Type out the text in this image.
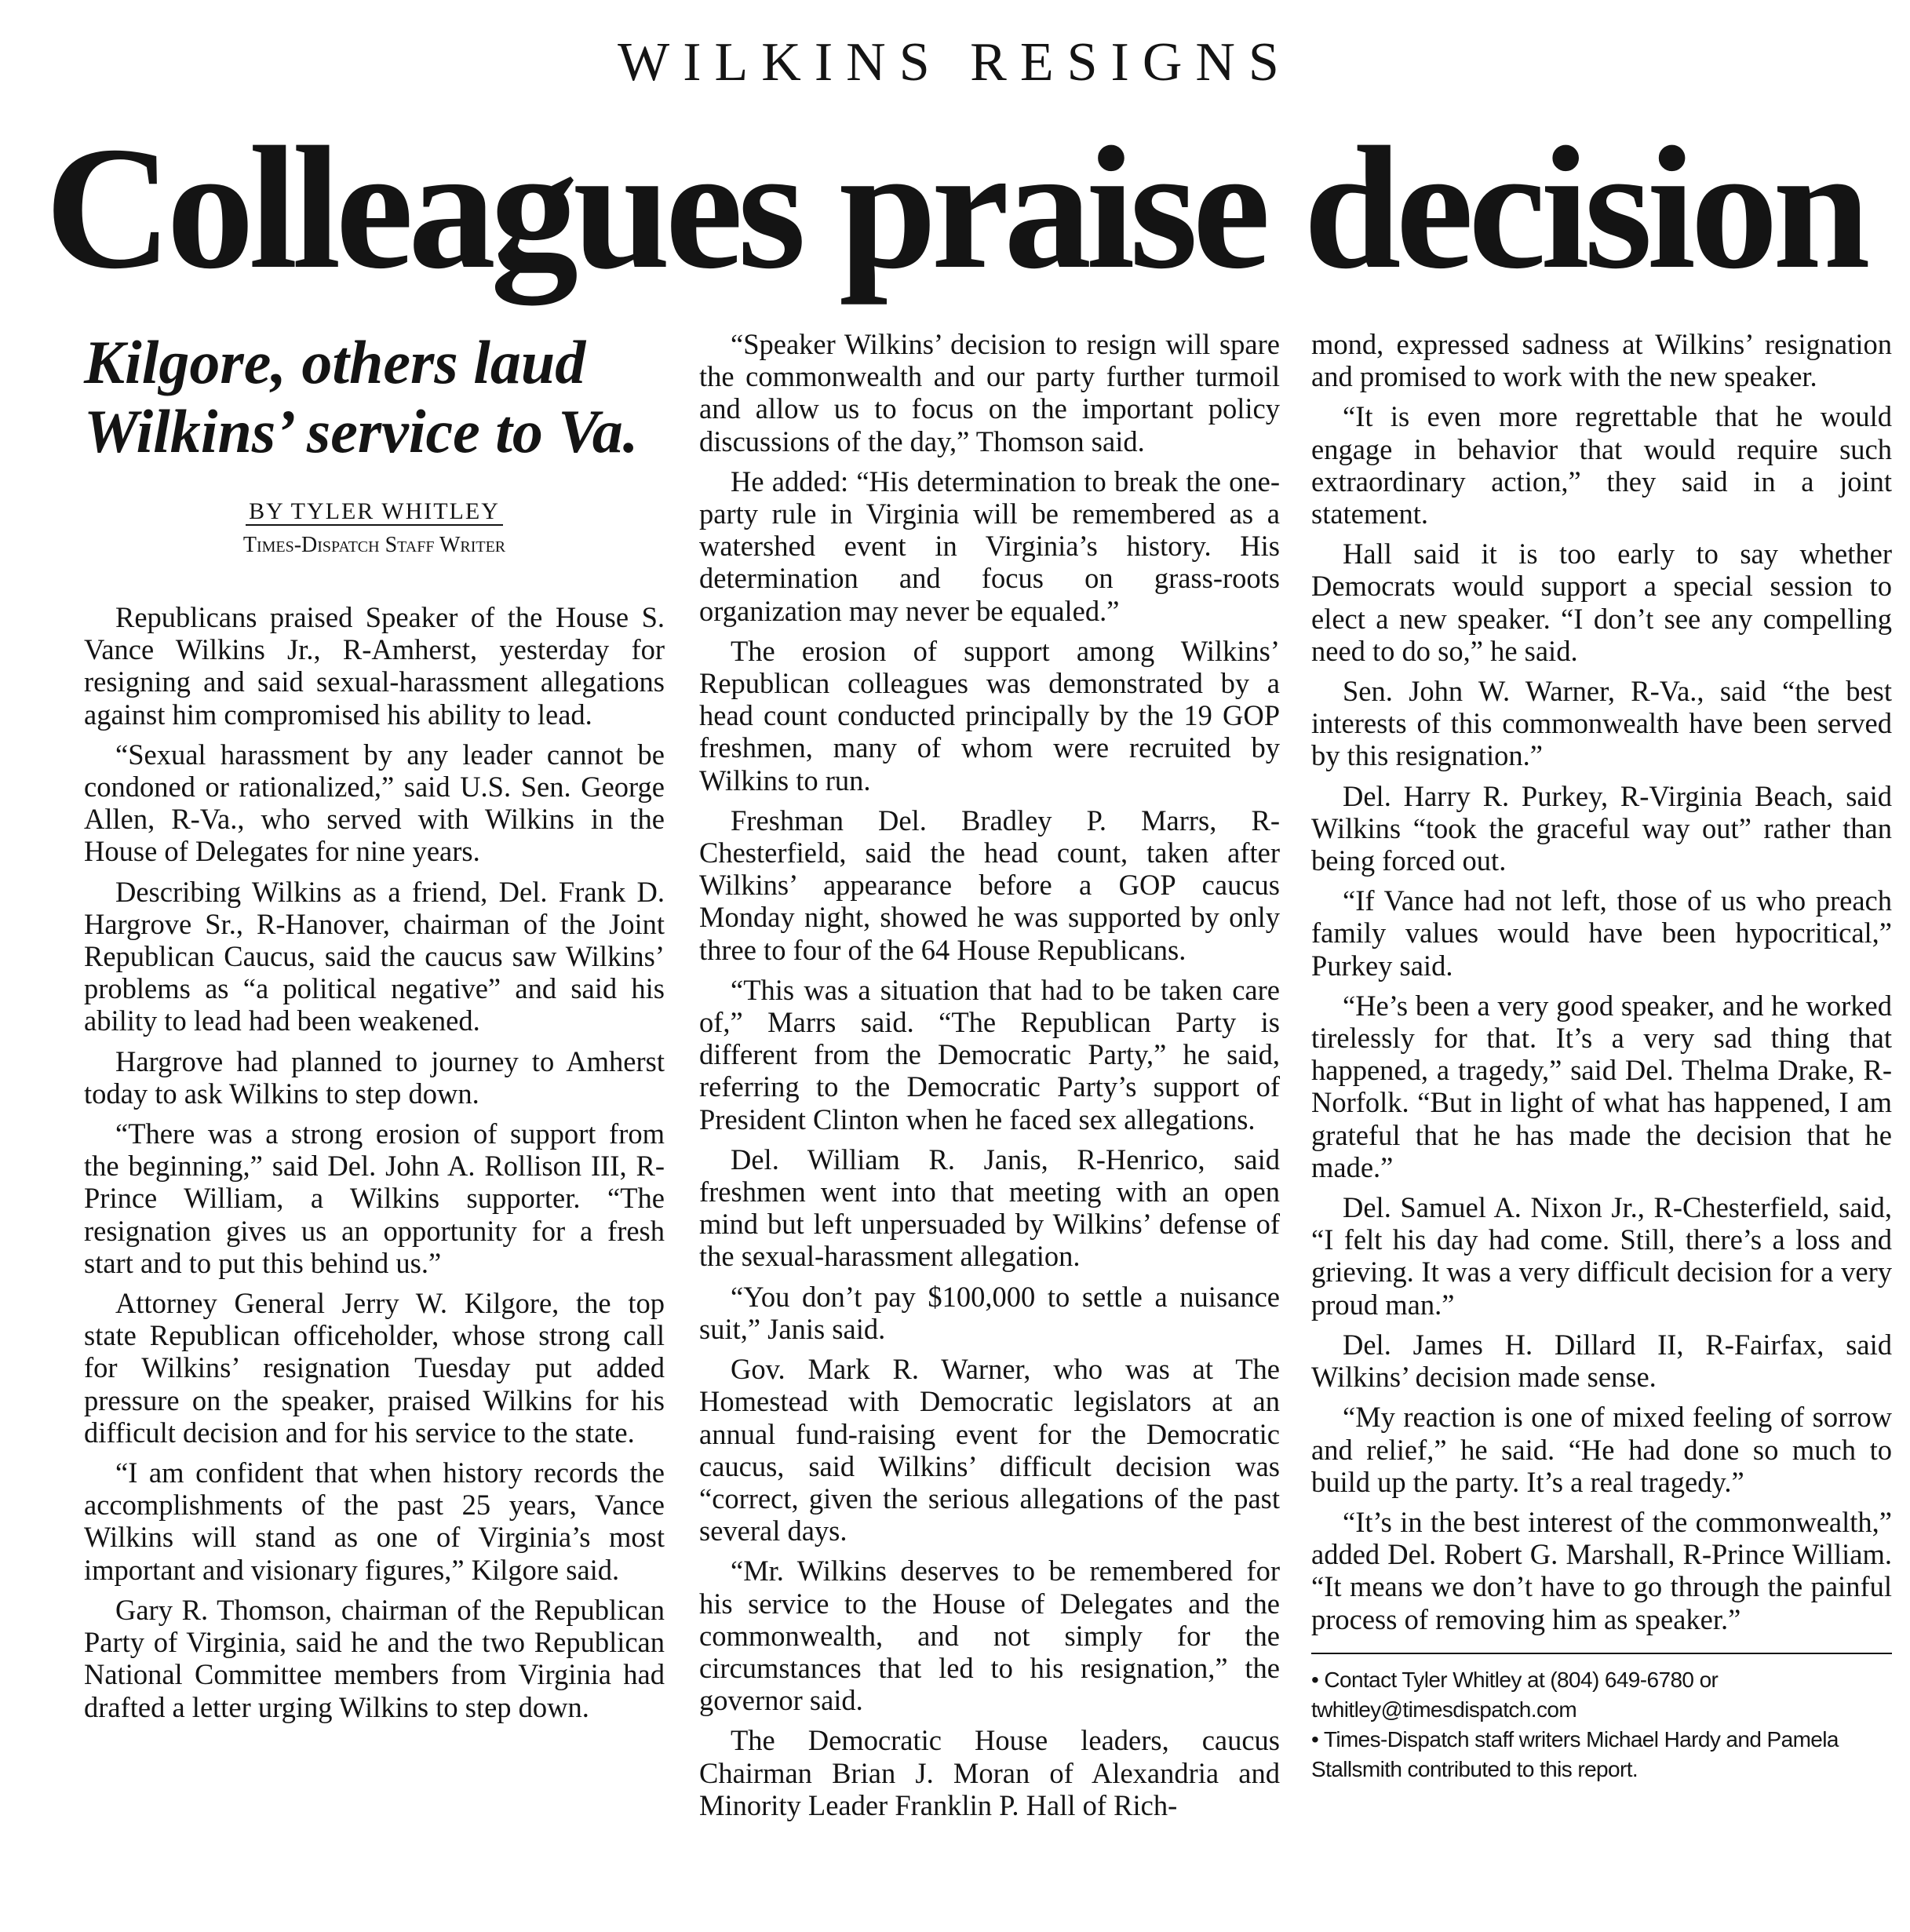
WILKINS RESIGNS
Colleagues praise decision
Kilgore, others laud Wilkins’ service to Va.
BY TYLER WHITLEY
Times-Dispatch Staff Writer

Republicans praised Speaker of the House S. Vance Wilkins Jr., R-Amherst, yesterday for resigning and said sexual-harassment allegations against him compromised his ability to lead.

“Sexual harassment by any leader cannot be condoned or rationalized,” said U.S. Sen. George Allen, R-Va., who served with Wilkins in the House of Delegates for nine years.

Describing Wilkins as a friend, Del. Frank D. Hargrove Sr., R-Hanover, chairman of the Joint Republican Caucus, said the caucus saw Wilkins’ problems as “a political negative” and said his ability to lead had been weakened.

Hargrove had planned to journey to Amherst today to ask Wilkins to step down.

“There was a strong erosion of support from the beginning,” said Del. John A. Rollison III, R-Prince William, a Wilkins supporter. “The resignation gives us an opportunity for a fresh start and to put this behind us.”

Attorney General Jerry W. Kilgore, the top state Republican officeholder, whose strong call for Wilkins’ resignation Tuesday put added pressure on the speaker, praised Wilkins for his difficult decision and for his service to the state.

“I am confident that when history records the accomplishments of the past 25 years, Vance Wilkins will stand as one of Virginia’s most important and visionary figures,” Kilgore said.

Gary R. Thomson, chairman of the Republican Party of Virginia, said he and the two Republican National Committee members from Virginia had drafted a letter urging Wilkins to step down.

“Speaker Wilkins’ decision to resign will spare the commonwealth and our party further turmoil and allow us to focus on the important policy discussions of the day,” Thomson said.

He added: “His determination to break the one-party rule in Virginia will be remembered as a watershed event in Virginia’s history. His determination and focus on grass-roots organization may never be equaled.”

The erosion of support among Wilkins’ Republican colleagues was demonstrated by a head count conducted principally by the 19 GOP freshmen, many of whom were recruited by Wilkins to run.

Freshman Del. Bradley P. Marrs, R-Chesterfield, said the head count, taken after Wilkins’ appearance before a GOP caucus Monday night, showed he was supported by only three to four of the 64 House Republicans.

“This was a situation that had to be taken care of,” Marrs said. “The Republican Party is different from the Democratic Party,” he said, referring to the Democratic Party’s support of President Clinton when he faced sex allegations.

Del. William R. Janis, R-Henrico, said freshmen went into that meeting with an open mind but left unpersuaded by Wilkins’ defense of the sexual-harassment allegation.

“You don’t pay $100,000 to settle a nuisance suit,” Janis said.

Gov. Mark R. Warner, who was at The Homestead with Democratic legislators at an annual fund-raising event for the Democratic caucus, said Wilkins’ difficult decision was “correct, given the serious allegations of the past several days.

“Mr. Wilkins deserves to be remembered for his service to the House of Delegates and the commonwealth, and not simply for the circumstances that led to his resignation,” the governor said.

The Democratic House leaders, caucus Chairman Brian J. Moran of Alexandria and Minority Leader Franklin P. Hall of Rich-

mond, expressed sadness at Wilkins’ resignation and promised to work with the new speaker.

“It is even more regrettable that he would engage in behavior that would require such extraordinary action,” they said in a joint statement.

Hall said it is too early to say whether Democrats would support a special session to elect a new speaker. “I don’t see any compelling need to do so,” he said.

Sen. John W. Warner, R-Va., said “the best interests of this commonwealth have been served by this resignation.”

Del. Harry R. Purkey, R-Virginia Beach, said Wilkins “took the graceful way out” rather than being forced out.

“If Vance had not left, those of us who preach family values would have been hypocritical,” Purkey said.

“He’s been a very good speaker, and he worked tirelessly for that. It’s a very sad thing that happened, a tragedy,” said Del. Thelma Drake, R-Norfolk. “But in light of what has happened, I am grateful that he has made the decision that he made.”

Del. Samuel A. Nixon Jr., R-Chesterfield, said, “I felt his day had come. Still, there’s a loss and grieving. It was a very difficult decision for a very proud man.”

Del. James H. Dillard II, R-Fairfax, said Wilkins’ decision made sense.

“My reaction is one of mixed feeling of sorrow and relief,” he said. “He had done so much to build up the party. It’s a real tragedy.”

“It’s in the best interest of the commonwealth,” added Del. Robert G. Marshall, R-Prince William. “It means we don’t have to go through the painful process of removing him as speaker.”

• Contact Tyler Whitley at (804) 649-6780 or twhitley@timesdispatch.com

• Times-Dispatch staff writers Michael Hardy and Pamela Stallsmith contributed to this report.
